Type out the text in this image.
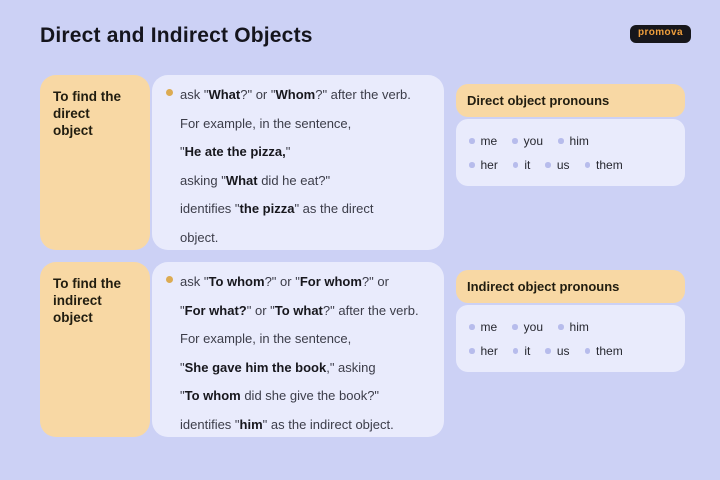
Direct and Indirect Objects	promova
To find the
direct
object
ask "What?" or "Whom?" after the verb.
For example, in the sentence,
"He ate the pizza,"
asking "What did he eat?"
identifies "the pizza" as the direct
object.
Direct object pronouns
me you him
her it us them
To find the
indirect
object
ask "To whom?" or "For whom?" or
"For what?" or "To what?" after the verb.
For example, in the sentence,
"She gave him the book," asking
"To whom did she give the book?"
identifies "him" as the indirect object.
Indirect object pronouns
me you him
her it us them
